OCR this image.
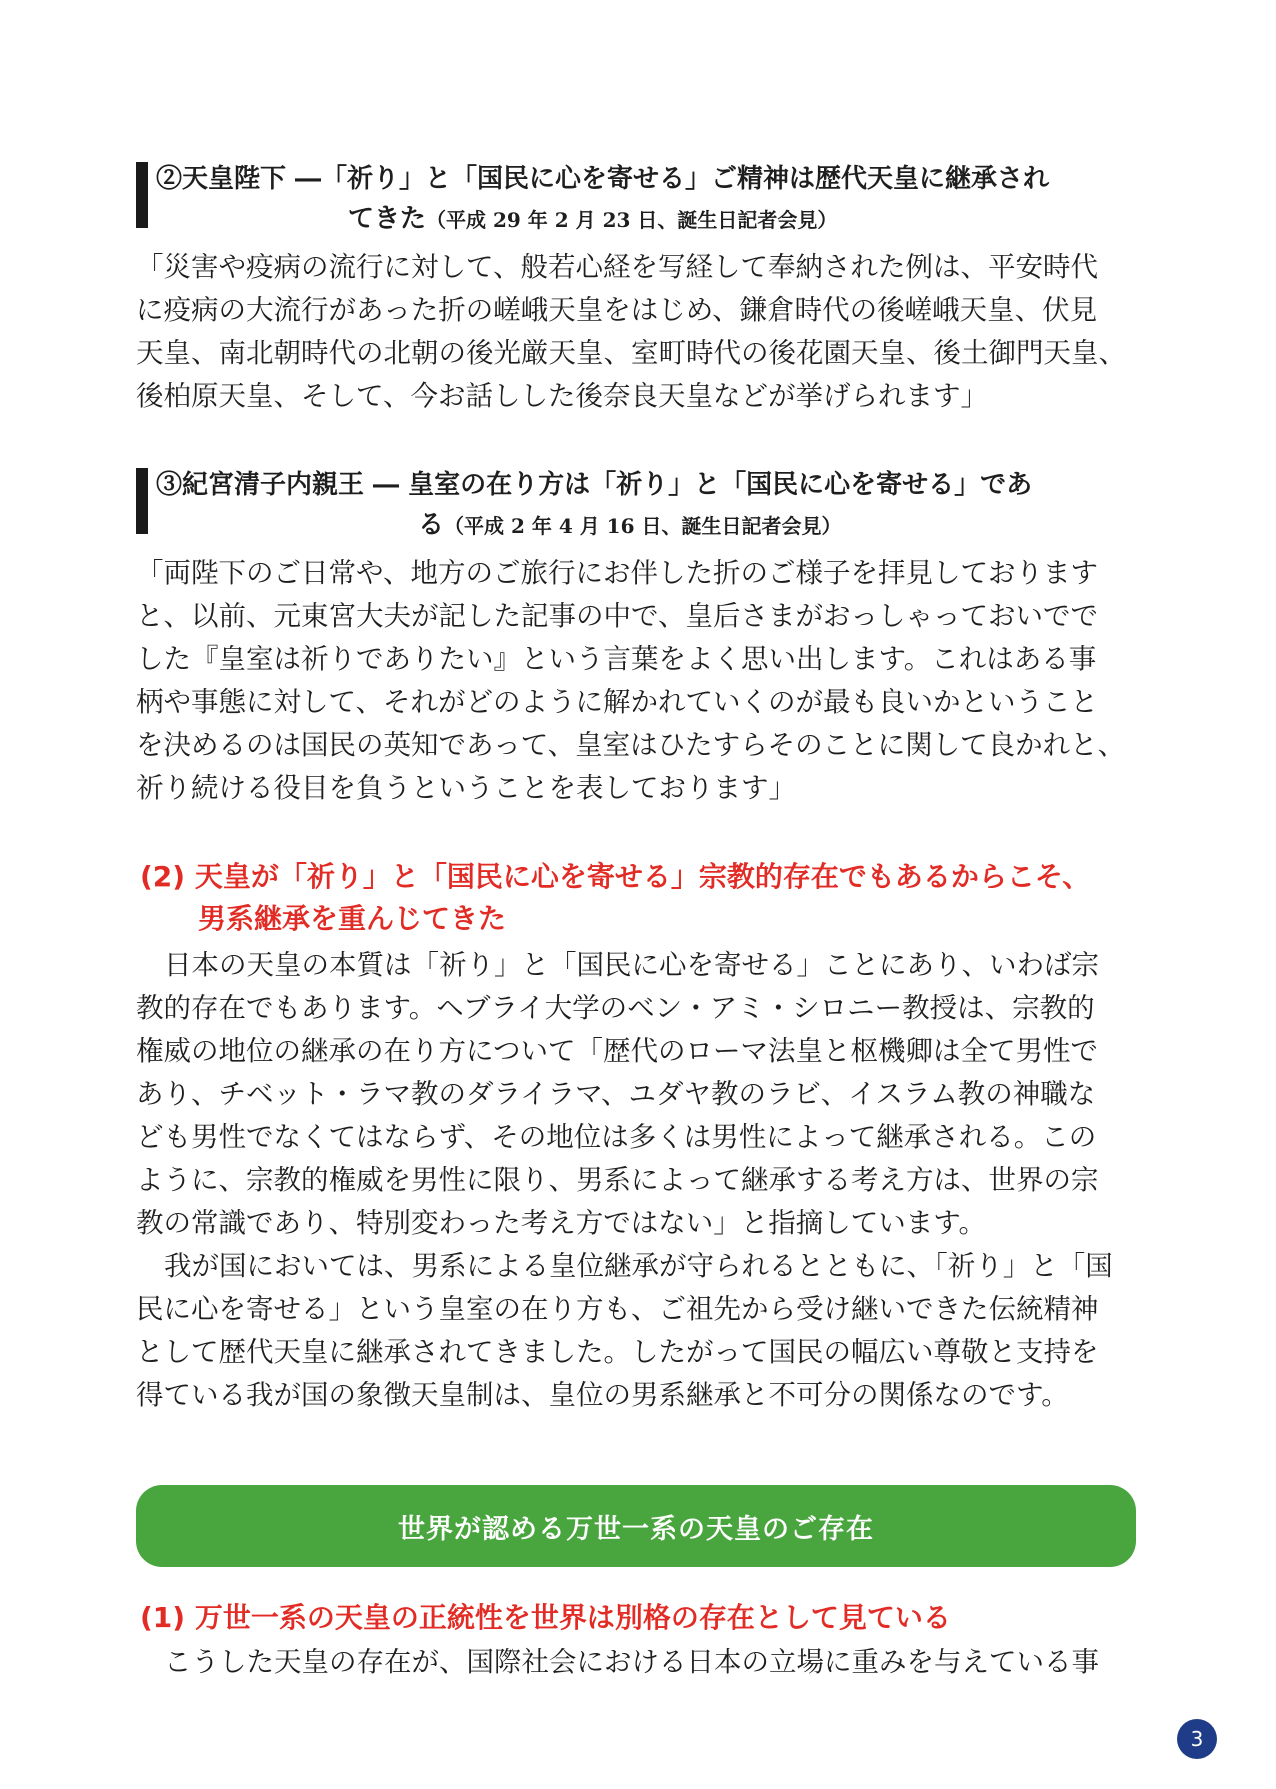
②天皇陛下 ―「祈り」と「国民に心を寄せる」ご精神は歴代天皇に継承され
てきた（平成 29 年 2 月 23 日、誕生日記者会見）
「災害や疫病の流行に対して、般若心経を写経して奉納された例は、平安時代
に疫病の大流行があった折の嵯峨天皇をはじめ、鎌倉時代の後嵯峨天皇、伏見
天皇、南北朝時代の北朝の後光厳天皇、室町時代の後花園天皇、後土御門天皇、
後柏原天皇、そして、今お話しした後奈良天皇などが挙げられます」
③紀宮清子内親王 ― 皇室の在り方は「祈り」と「国民に心を寄せる」であ
る（平成 2 年 4 月 16 日、誕生日記者会見）
「両陛下のご日常や、地方のご旅行にお伴した折のご様子を拝見しております
と、以前、元東宮大夫が記した記事の中で、皇后さまがおっしゃっておいでで
した『皇室は祈りでありたい』という言葉をよく思い出します。これはある事
柄や事態に対して、それがどのように解かれていくのが最も良いかということ
を決めるのは国民の英知であって、皇室はひたすらそのことに関して良かれと、
祈り続ける役目を負うということを表しております」
(2) 天皇が「祈り」と「国民に心を寄せる」宗教的存在でもあるからこそ、
男系継承を重んじてきた
日本の天皇の本質は「祈り」と「国民に心を寄せる」ことにあり、いわば宗
教的存在でもあります。ヘブライ大学のベン・アミ・シロニー教授は、宗教的
権威の地位の継承の在り方について「歴代のローマ法皇と枢機卿は全て男性で
あり、チベット・ラマ教のダライラマ、ユダヤ教のラビ、イスラム教の神職な
ども男性でなくてはならず、その地位は多くは男性によって継承される。この
ように、宗教的権威を男性に限り、男系によって継承する考え方は、世界の宗
教の常識であり、特別変わった考え方ではない」と指摘しています。
我が国においては、男系による皇位継承が守られるとともに、「祈り」と「国
民に心を寄せる」という皇室の在り方も、ご祖先から受け継いできた伝統精神
として歴代天皇に継承されてきました。したがって国民の幅広い尊敬と支持を
得ている我が国の象徴天皇制は、皇位の男系継承と不可分の関係なのです。
世界が認める万世一系の天皇のご存在
(1) 万世一系の天皇の正統性を世界は別格の存在として見ている
こうした天皇の存在が、国際社会における日本の立場に重みを与えている事
3
